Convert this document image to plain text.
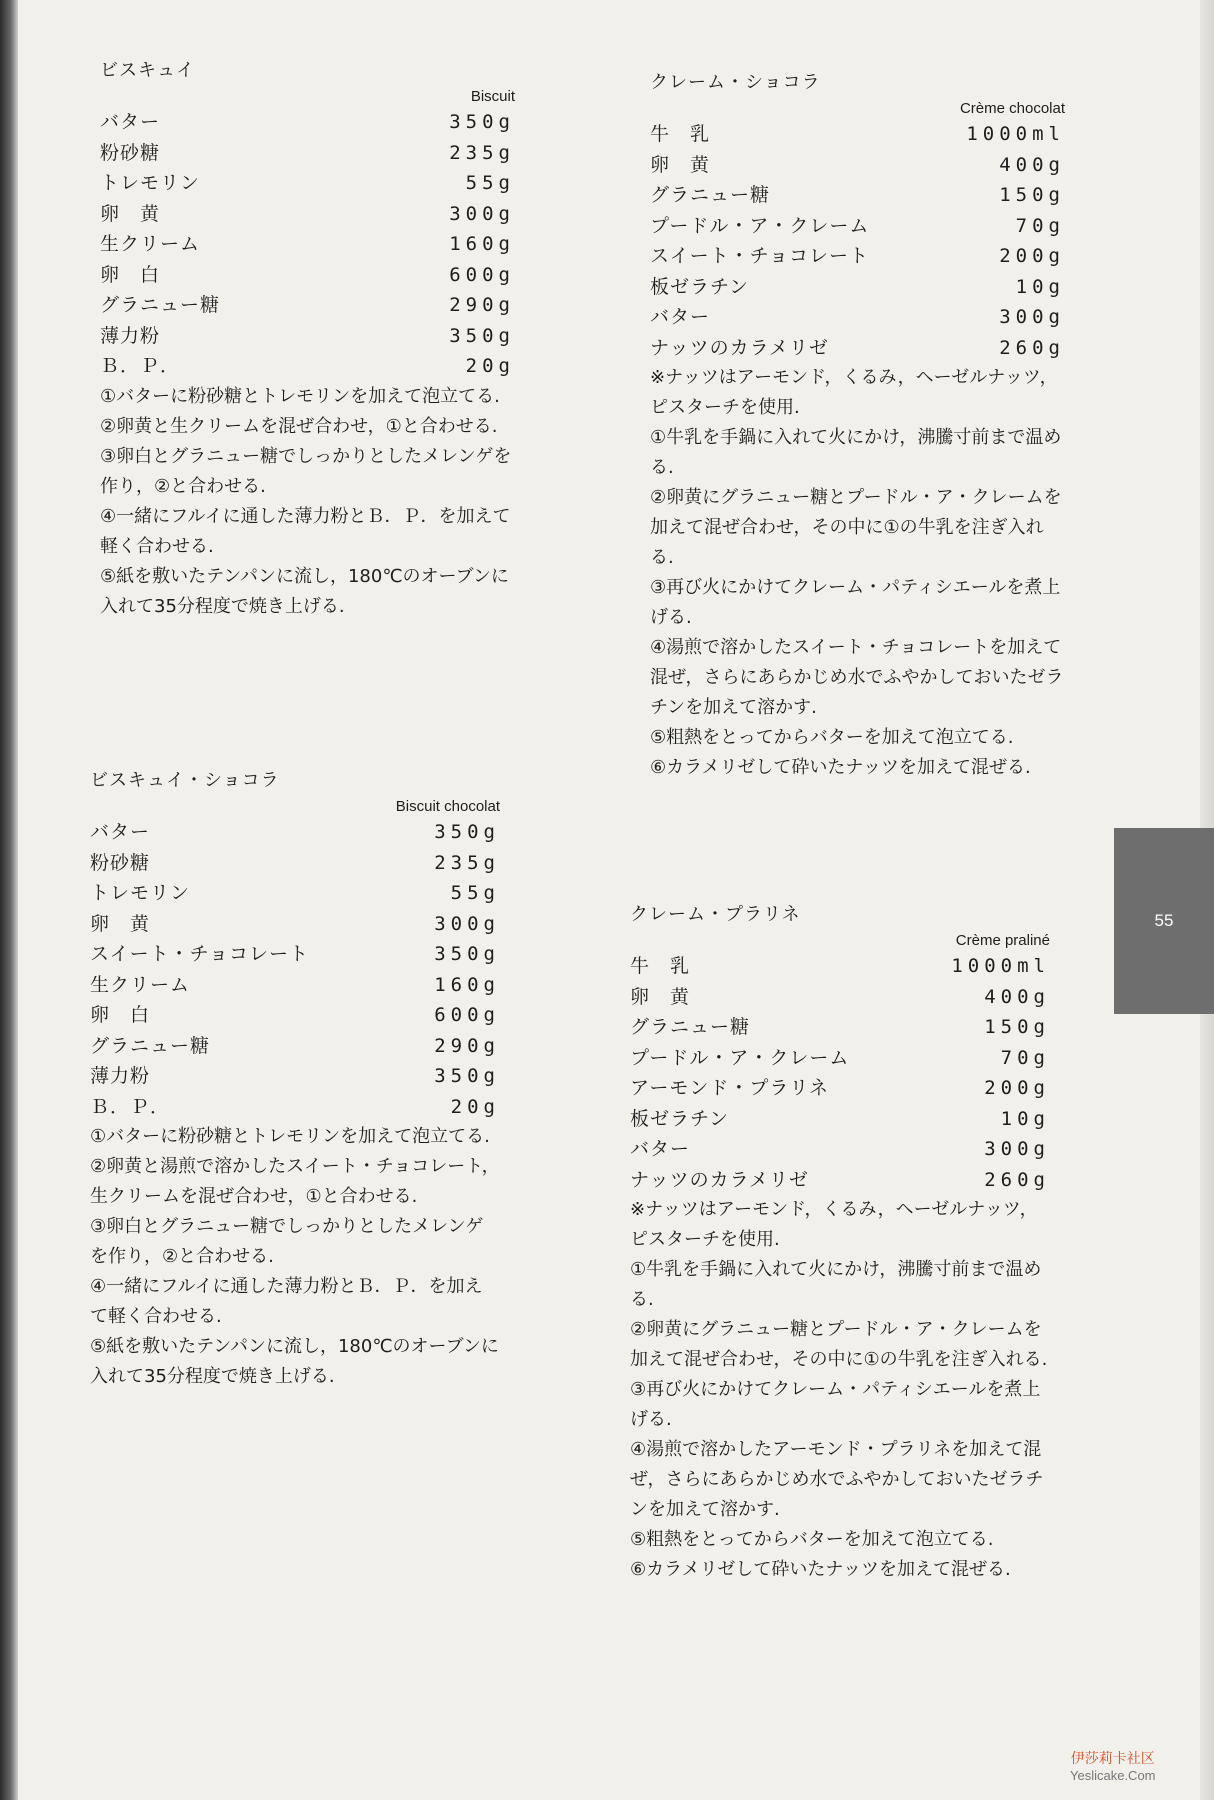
55
ビスキュイ
Biscuit
バター	350g
粉砂糖	235g
トレモリン	55g
卵　黄	300g
生クリーム	160g
卵　白	600g
グラニュー糖	290g
薄力粉	350g
Ｂ．Ｐ．	20g
①バターに粉砂糖とトレモリンを加えて泡立てる.
②卵黄と生クリームを混ぜ合わせ，①と合わせる.
③卵白とグラニュー糖でしっかりとしたメレンゲを作り，②と合わせる.
④一緒にフルイに通した薄力粉とＢ．Ｐ．を加えて軽く合わせる.
⑤紙を敷いたテンパンに流し，180℃のオーブンに入れて35分程度で焼き上げる.
ビスキュイ・ショコラ
Biscuit chocolat
バター	350g
粉砂糖	235g
トレモリン	55g
卵　黄	300g
スイート・チョコレート	350g
生クリーム	160g
卵　白	600g
グラニュー糖	290g
薄力粉	350g
Ｂ．Ｐ．	20g
①バターに粉砂糖とトレモリンを加えて泡立てる.
②卵黄と湯煎で溶かしたスイート・チョコレート，生クリームを混ぜ合わせ，①と合わせる.
③卵白とグラニュー糖でしっかりとしたメレンゲを作り，②と合わせる.
④一緒にフルイに通した薄力粉とＢ．Ｐ．を加えて軽く合わせる.
⑤紙を敷いたテンパンに流し，180℃のオーブンに入れて35分程度で焼き上げる.
クレーム・ショコラ
Crème chocolat
牛　乳	1000ml
卵　黄	400g
グラニュー糖	150g
プードル・ア・クレーム	70g
スイート・チョコレート	200g
板ゼラチン	10g
バター	300g
ナッツのカラメリゼ	260g
※ナッツはアーモンド，くるみ，ヘーゼルナッツ，ピスターチを使用.
①牛乳を手鍋に入れて火にかけ，沸騰寸前まで温める.
②卵黄にグラニュー糖とプードル・ア・クレームを加えて混ぜ合わせ，その中に①の牛乳を注ぎ入れる.
③再び火にかけてクレーム・パティシエールを煮上げる.
④湯煎で溶かしたスイート・チョコレートを加えて混ぜ，さらにあらかじめ水でふやかしておいたゼラチンを加えて溶かす.
⑤粗熱をとってからバターを加えて泡立てる.
⑥カラメリゼして砕いたナッツを加えて混ぜる.
クレーム・プラリネ
Crème praliné
牛　乳	1000ml
卵　黄	400g
グラニュー糖	150g
プードル・ア・クレーム	70g
アーモンド・プラリネ	200g
板ゼラチン	10g
バター	300g
ナッツのカラメリゼ	260g
※ナッツはアーモンド，くるみ，ヘーゼルナッツ，ピスターチを使用.
①牛乳を手鍋に入れて火にかけ，沸騰寸前まで温める.
②卵黄にグラニュー糖とプードル・ア・クレームを加えて混ぜ合わせ，その中に①の牛乳を注ぎ入れる.
③再び火にかけてクレーム・パティシエールを煮上げる.
④湯煎で溶かしたアーモンド・プラリネを加えて混ぜ，さらにあらかじめ水でふやかしておいたゼラチンを加えて溶かす.
⑤粗熱をとってからバターを加えて泡立てる.
⑥カラメリゼして砕いたナッツを加えて混ぜる.
伊莎莉卡社区
Yeslicake.Com
